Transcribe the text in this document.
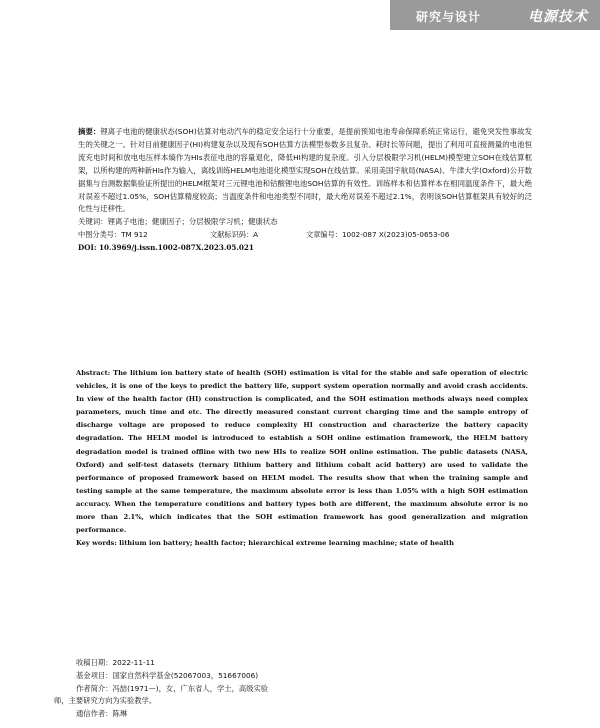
研究与设计	电源技术

摘要：锂离子电池的健康状态(SOH)估算对电动汽车的稳定安全运行十分重要，是提前预知电池寿命保障系统正常运行，避免突发性事故发生的关键之一。针对目前健康因子(HI)构建复杂以及现有SOH估算方法模型参数多且复杂、耗时长等问题，提出了利用可直接测量的电池恒流充电时间和放电电压样本熵作为HIs表征电池的容量退化，降低HI构建的复杂度。引入分层极限学习机(HELM)模型建立SOH在线估算框架，以所构建的两种新HIs作为输入，离线训练HELM电池退化模型实现SOH在线估算。采用美国宇航局(NASA)、牛津大学(Oxford)公开数据集与自测数据集验证所提出的HELM框架对三元锂电池和钴酸锂电池SOH估算的有效性。训练样本和估算样本在相同温度条件下，最大绝对误差不超过1.05%，SOH估算精度较高；当温度条件和电池类型不同时，最大绝对误差不超过2.1%，表明该SOH估算框架具有较好的泛化性与迁移性。

关键词：锂离子电池；健康因子；分层极限学习机；健康状态

中图分类号：TM 912	文献标识码：A	文章编号：1002-087 X(2023)05-0653-06

DOI: 10.3969/j.issn.1002-087X.2023.05.021

Abstract: The lithium ion battery state of health (SOH) estimation is vital for the stable and safe operation of electric vehicles, it is one of the keys to predict the battery life, support system operation normally and avoid crash accidents. In view of the health factor (HI) construction is complicated, and the SOH estimation methods always need complex parameters, much time and etc. The directly measured constant current charging time and the sample entropy of discharge voltage are proposed to reduce complexity HI construction and characterize the battery capacity degradation. The HELM model is introduced to establish a SOH online estimation framework, the HELM battery degradation model is trained offline with two new HIs to realize SOH online estimation. The public datasets (NASA, Oxford) and self-test datasets (ternary lithium battery and lithium cobalt acid battery) are used to validate the performance of proposed framework based on HELM model. The results show that when the training sample and testing sample at the same temperature, the maximum absolute error is less than 1.05% with a high SOH estimation accuracy. When the temperature conditions and battery types both are different, the maximum absolute error is no more than 2.1%, which indicates that the SOH estimation framework has good generalization and migration performance.

Key words: lithium ion battery; health factor; hierarchical extreme learning machine; state of health

收稿日期：2022-11-11

基金项目：国家自然科学基金(52067003，51667006)

作者简介：冯喆(1971—)，女，广东省人，学士，高级实验

师，主要研究方向为实验教学。

通信作者：陈琳
